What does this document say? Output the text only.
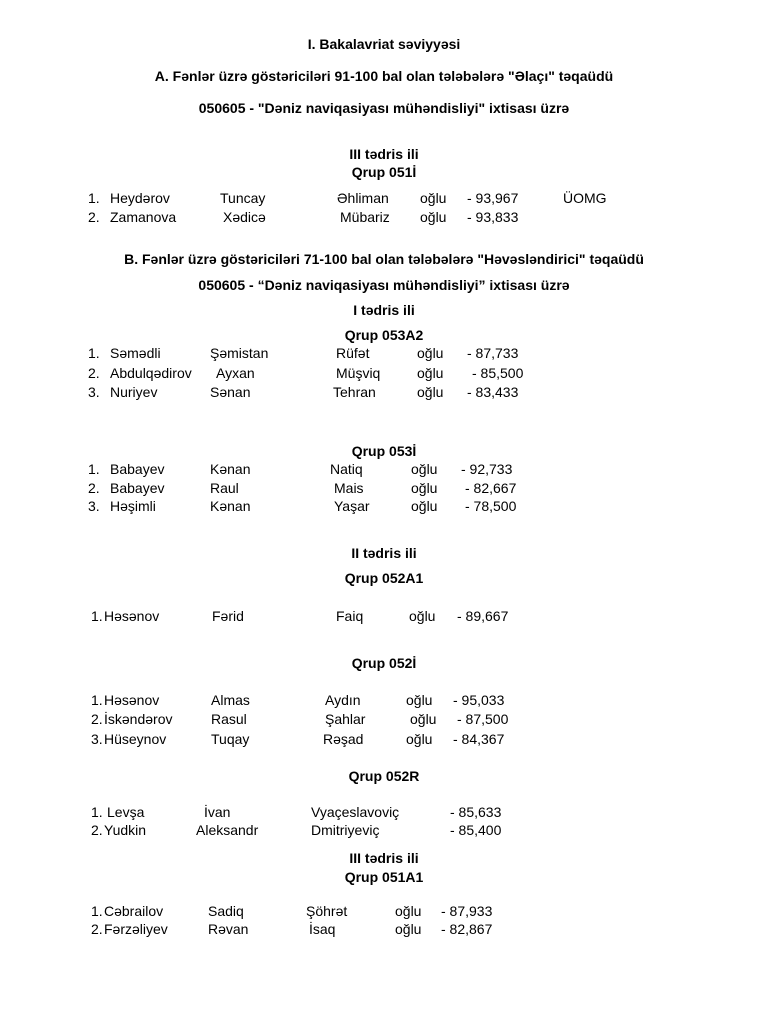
I. Bakalavriat səviyyəsi
A. Fənlər üzrə göstəriciləri 91-100 bal olan tələbələrə "Əlaçı" təqaüdü
050605 - "Dəniz naviqasiyası mühəndisliyi" ixtisası üzrə
III tədris ili
Qrup 051İ
1. Heydərov	Tuncay	Əhliman oğlu - 93,967	ÜOMG
2. Zamanova	Xədicə	Mübariz oğlu - 93,833
B. Fənlər üzrə göstəriciləri 71-100 bal olan tələbələrə "Həvəsləndirici" təqaüdü
050605 - “Dəniz naviqasiyası mühəndisliyi” ixtisası üzrə
I tədris ili
Qrup 053A2
1. Səmədli	Şəmistan	Rüfət	oğlu - 87,733
2. Abdulqədirov Ayxan	Müşviq	oğlu - 85,500
3. Nuriyev	Sənan	Tehran	oğlu - 83,433
Qrup 053İ
1. Babayev	Kənan	Natiq	oğlu - 92,733
2. Babayev	Raul	Mais	oğlu - 82,667
3. Həşimli	Kənan	Yaşar	oğlu - 78,500
II tədris ili
Qrup 052A1
1. Həsənov	Fərid	Faiq	oğlu - 89,667
Qrup 052İ
1. Həsənov	Almas	Aydın	oğlu - 95,033
2. İskəndərov	Rasul	Şahlar	oğlu - 87,500
3. Hüseynov	Tuqay	Rəşad	oğlu - 84,367
Qrup 052R
1. Levşa	İvan	Vyaçeslavoviç	- 85,633
2. Yudkin	Aleksandr	Dmitriyeviç	- 85,400
III tədris ili
Qrup 051A1
1. Cəbrailov	Sadiq	Şöhrət	oğlu - 87,933
2. Fərzəliyev	Rəvan	İsaq	oğlu - 82,867
